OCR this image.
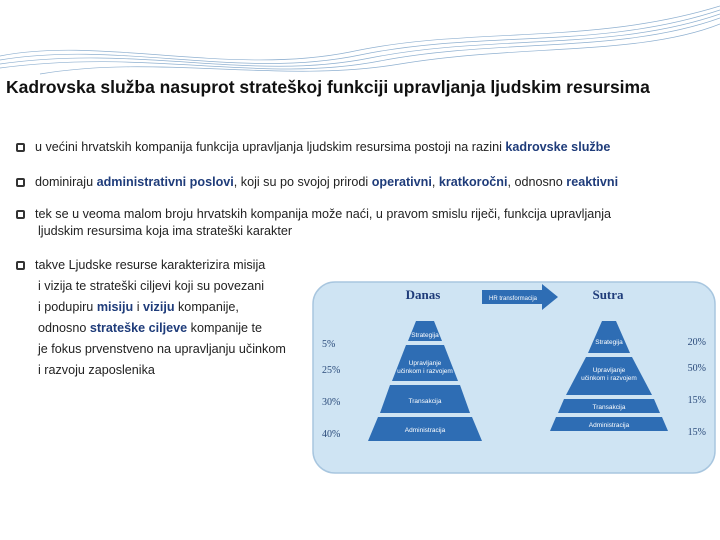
Kadrovska služba nasuprot strateškoj funkciji upravljanja ljudskim resursima
u većini hrvatskih kompanija funkcija upravljanja ljudskim resursima postoji na razini kadrovske službe
dominiraju administrativni poslovi, koji su po svojoj prirodi operativni, kratkoročni, odnosno reaktivni
tek se u veoma malom broju hrvatskih kompanija može naći, u pravom smislu riječi, funkcija upravljanja
ljudskim resursima koja ima strateški karakter
takve Ljudske resurse karakterizira misija
i vizija te strateški ciljevi koji su povezani
i podupiru misiju i viziju kompanije,
odnosno strateške ciljeve kompanije te
je fokus prvenstveno na upravljanju učinkom
i razvoju zaposlenika
Danas	Sutra
HR transformacija
Strategija
Upravljanje učinkom i razvojem
Transakcija
Administracija
5%
25%
30%
40%
Strategija
Upravljanje učinkom i razvojem
Transakcija
Administracija
20%
50%
15%
15%
